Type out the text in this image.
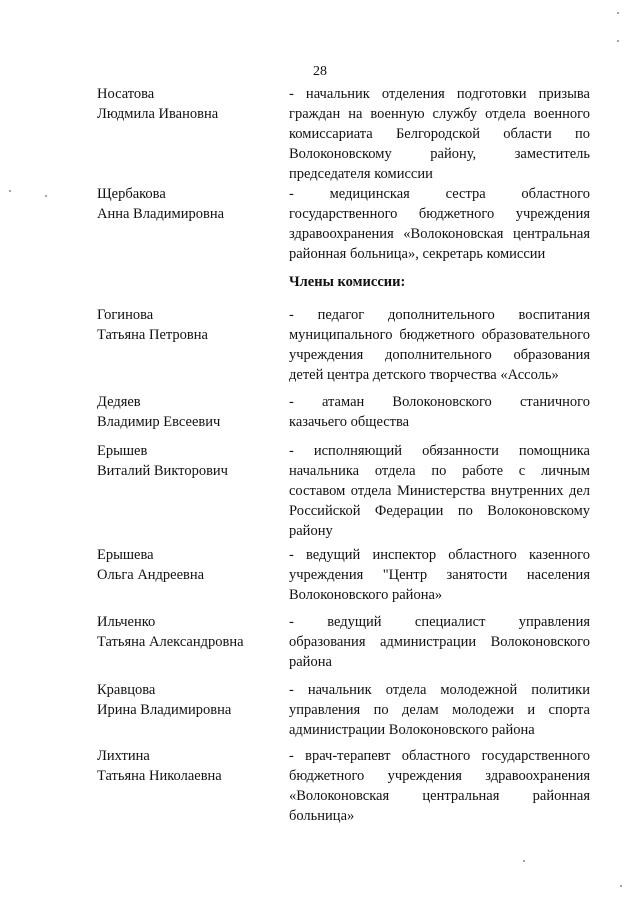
28
Носатова
Людмила Ивановна
- начальник отделения подготовки призыва
граждан на военную службу отдела военного
комиссариата Белгородской области по
Волоконовскому району, заместитель
председателя комиссии
Щербакова
Анна Владимировна
- медицинская сестра областного
государственного бюджетного учреждения
здравоохранения «Волоконовская центральная
районная больница», секретарь комиссии
Члены комиссии:
Гогинова
Татьяна Петровна
- педагог дополнительного воспитания
муниципального бюджетного образовательного
учреждения дополнительного образования
детей центра детского творчества «Ассоль»
Дедяев
Владимир Евсеевич
- атаман Волоконовского станичного
казачьего общества
Ерышев
Виталий Викторович
- исполняющий обязанности помощника
начальника отдела по работе с личным
составом отдела Министерства внутренних дел
Российской Федерации по Волоконовскому
району
Ерышева
Ольга Андреевна
- ведущий инспектор областного казенного
учреждения "Центр занятости населения
Волоконовского района»
Ильченко
Татьяна Александровна
- ведущий специалист управления
образования администрации Волоконовского
района
Кравцова
Ирина Владимировна
- начальник отдела молодежной политики
управления по делам молодежи и спорта
администрации Волоконовского района
Лихтина
Татьяна Николаевна
- врач-терапевт областного государственного
бюджетного учреждения здравоохранения
«Волоконовская центральная районная
больница»
